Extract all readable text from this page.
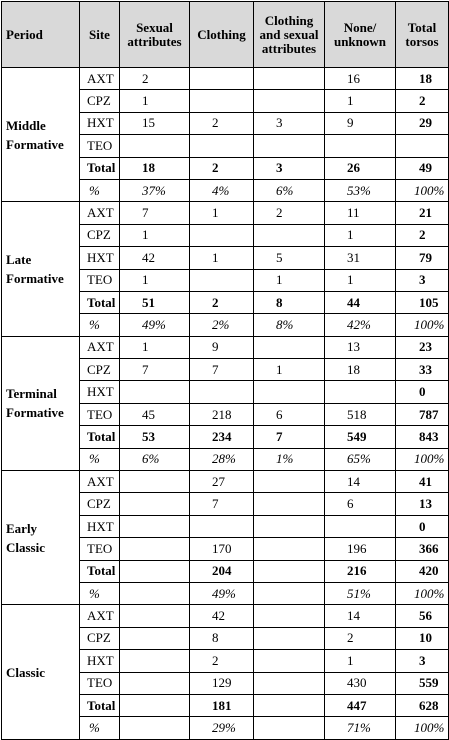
Period	Site	Sexual attributes	Clothing	Clothing and sexual attributes	None/ unknown	Total torsos
Middle Formative	AXT	2			16	18
	CPZ	1			1	2
	HXT	15	2	3	9	29
	TEO					
	Total	18	2	3	26	49
	%	37%	4%	6%	53%	100%
Late Formative	AXT	7	1	2	11	21
	CPZ	1			1	2
	HXT	42	1	5	31	79
	TEO	1		1	1	3
	Total	51	2	8	44	105
	%	49%	2%	8%	42%	100%
Terminal Formative	AXT	1	9		13	23
	CPZ	7	7	1	18	33
	HXT					0
	TEO	45	218	6	518	787
	Total	53	234	7	549	843
	%	6%	28%	1%	65%	100%
Early Classic	AXT		27		14	41
	CPZ		7		6	13
	HXT					0
	TEO		170		196	366
	Total		204		216	420
	%		49%		51%	100%
Classic	AXT		42		14	56
	CPZ		8		2	10
	HXT		2		1	3
	TEO		129		430	559
	Total		181		447	628
	%		29%		71%	100%
